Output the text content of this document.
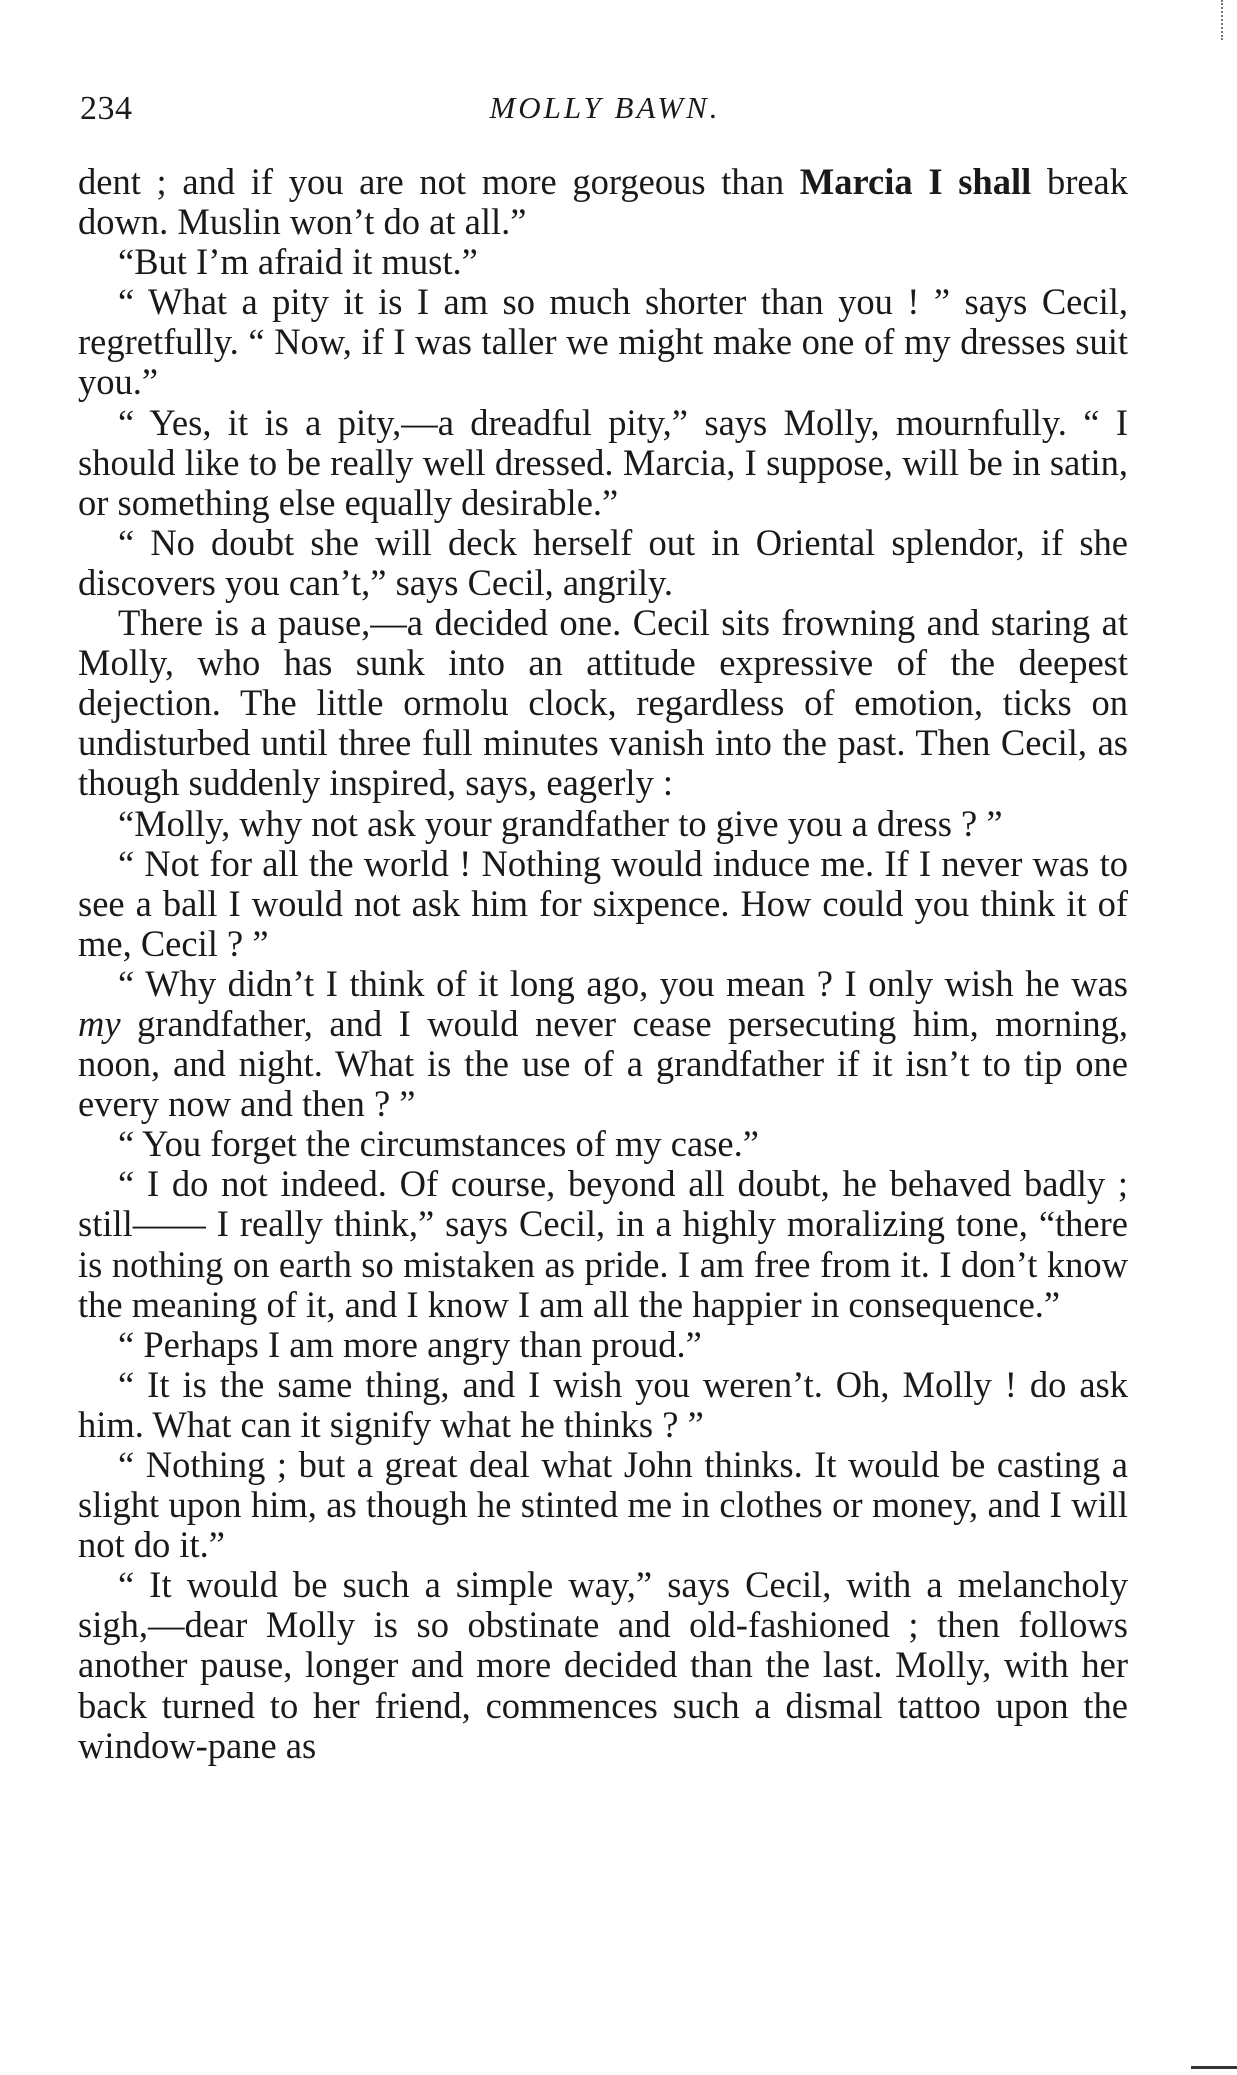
234	MOLLY BAWN.

dent ; and if you are not more gorgeous than Marcia I shall break down. Muslin won’t do at all.”

“But I’m afraid it must.”

“ What a pity it is I am so much shorter than you ! ” says Cecil, regretfully. “ Now, if I was taller we might make one of my dresses suit you.”

“ Yes, it is a pity,—a dreadful pity,” says Molly, mournfully. “ I should like to be really well dressed. Marcia, I suppose, will be in satin, or something else equally desirable.”

“ No doubt she will deck herself out in Oriental splendor, if she discovers you can’t,” says Cecil, angrily.

There is a pause,—a decided one. Cecil sits frowning and staring at Molly, who has sunk into an attitude expressive of the deepest dejection. The little ormolu clock, regardless of emotion, ticks on undisturbed until three full minutes vanish into the past. Then Cecil, as though suddenly inspired, says, eagerly :

“Molly, why not ask your grandfather to give you a dress ? ”

“ Not for all the world ! Nothing would induce me. If I never was to see a ball I would not ask him for sixpence. How could you think it of me, Cecil ? ”

“ Why didn’t I think of it long ago, you mean ? I only wish he was my grandfather, and I would never cease persecuting him, morning, noon, and night. What is the use of a grandfather if it isn’t to tip one every now and then ? ”

“ You forget the circumstances of my case.”

“ I do not indeed. Of course, beyond all doubt, he behaved badly ; still—— I really think,” says Cecil, in a highly moralizing tone, “there is nothing on earth so mistaken as pride. I am free from it. I don’t know the meaning of it, and I know I am all the happier in consequence.”

“ Perhaps I am more angry than proud.”

“ It is the same thing, and I wish you weren’t. Oh, Molly ! do ask him. What can it signify what he thinks ? ”

“ Nothing ; but a great deal what John thinks. It would be casting a slight upon him, as though he stinted me in clothes or money, and I will not do it.”

“ It would be such a simple way,” says Cecil, with a melancholy sigh,—dear Molly is so obstinate and old-fashioned ; then follows another pause, longer and more decided than the last. Molly, with her back turned to her friend, commences such a dismal tattoo upon the window-pane as
